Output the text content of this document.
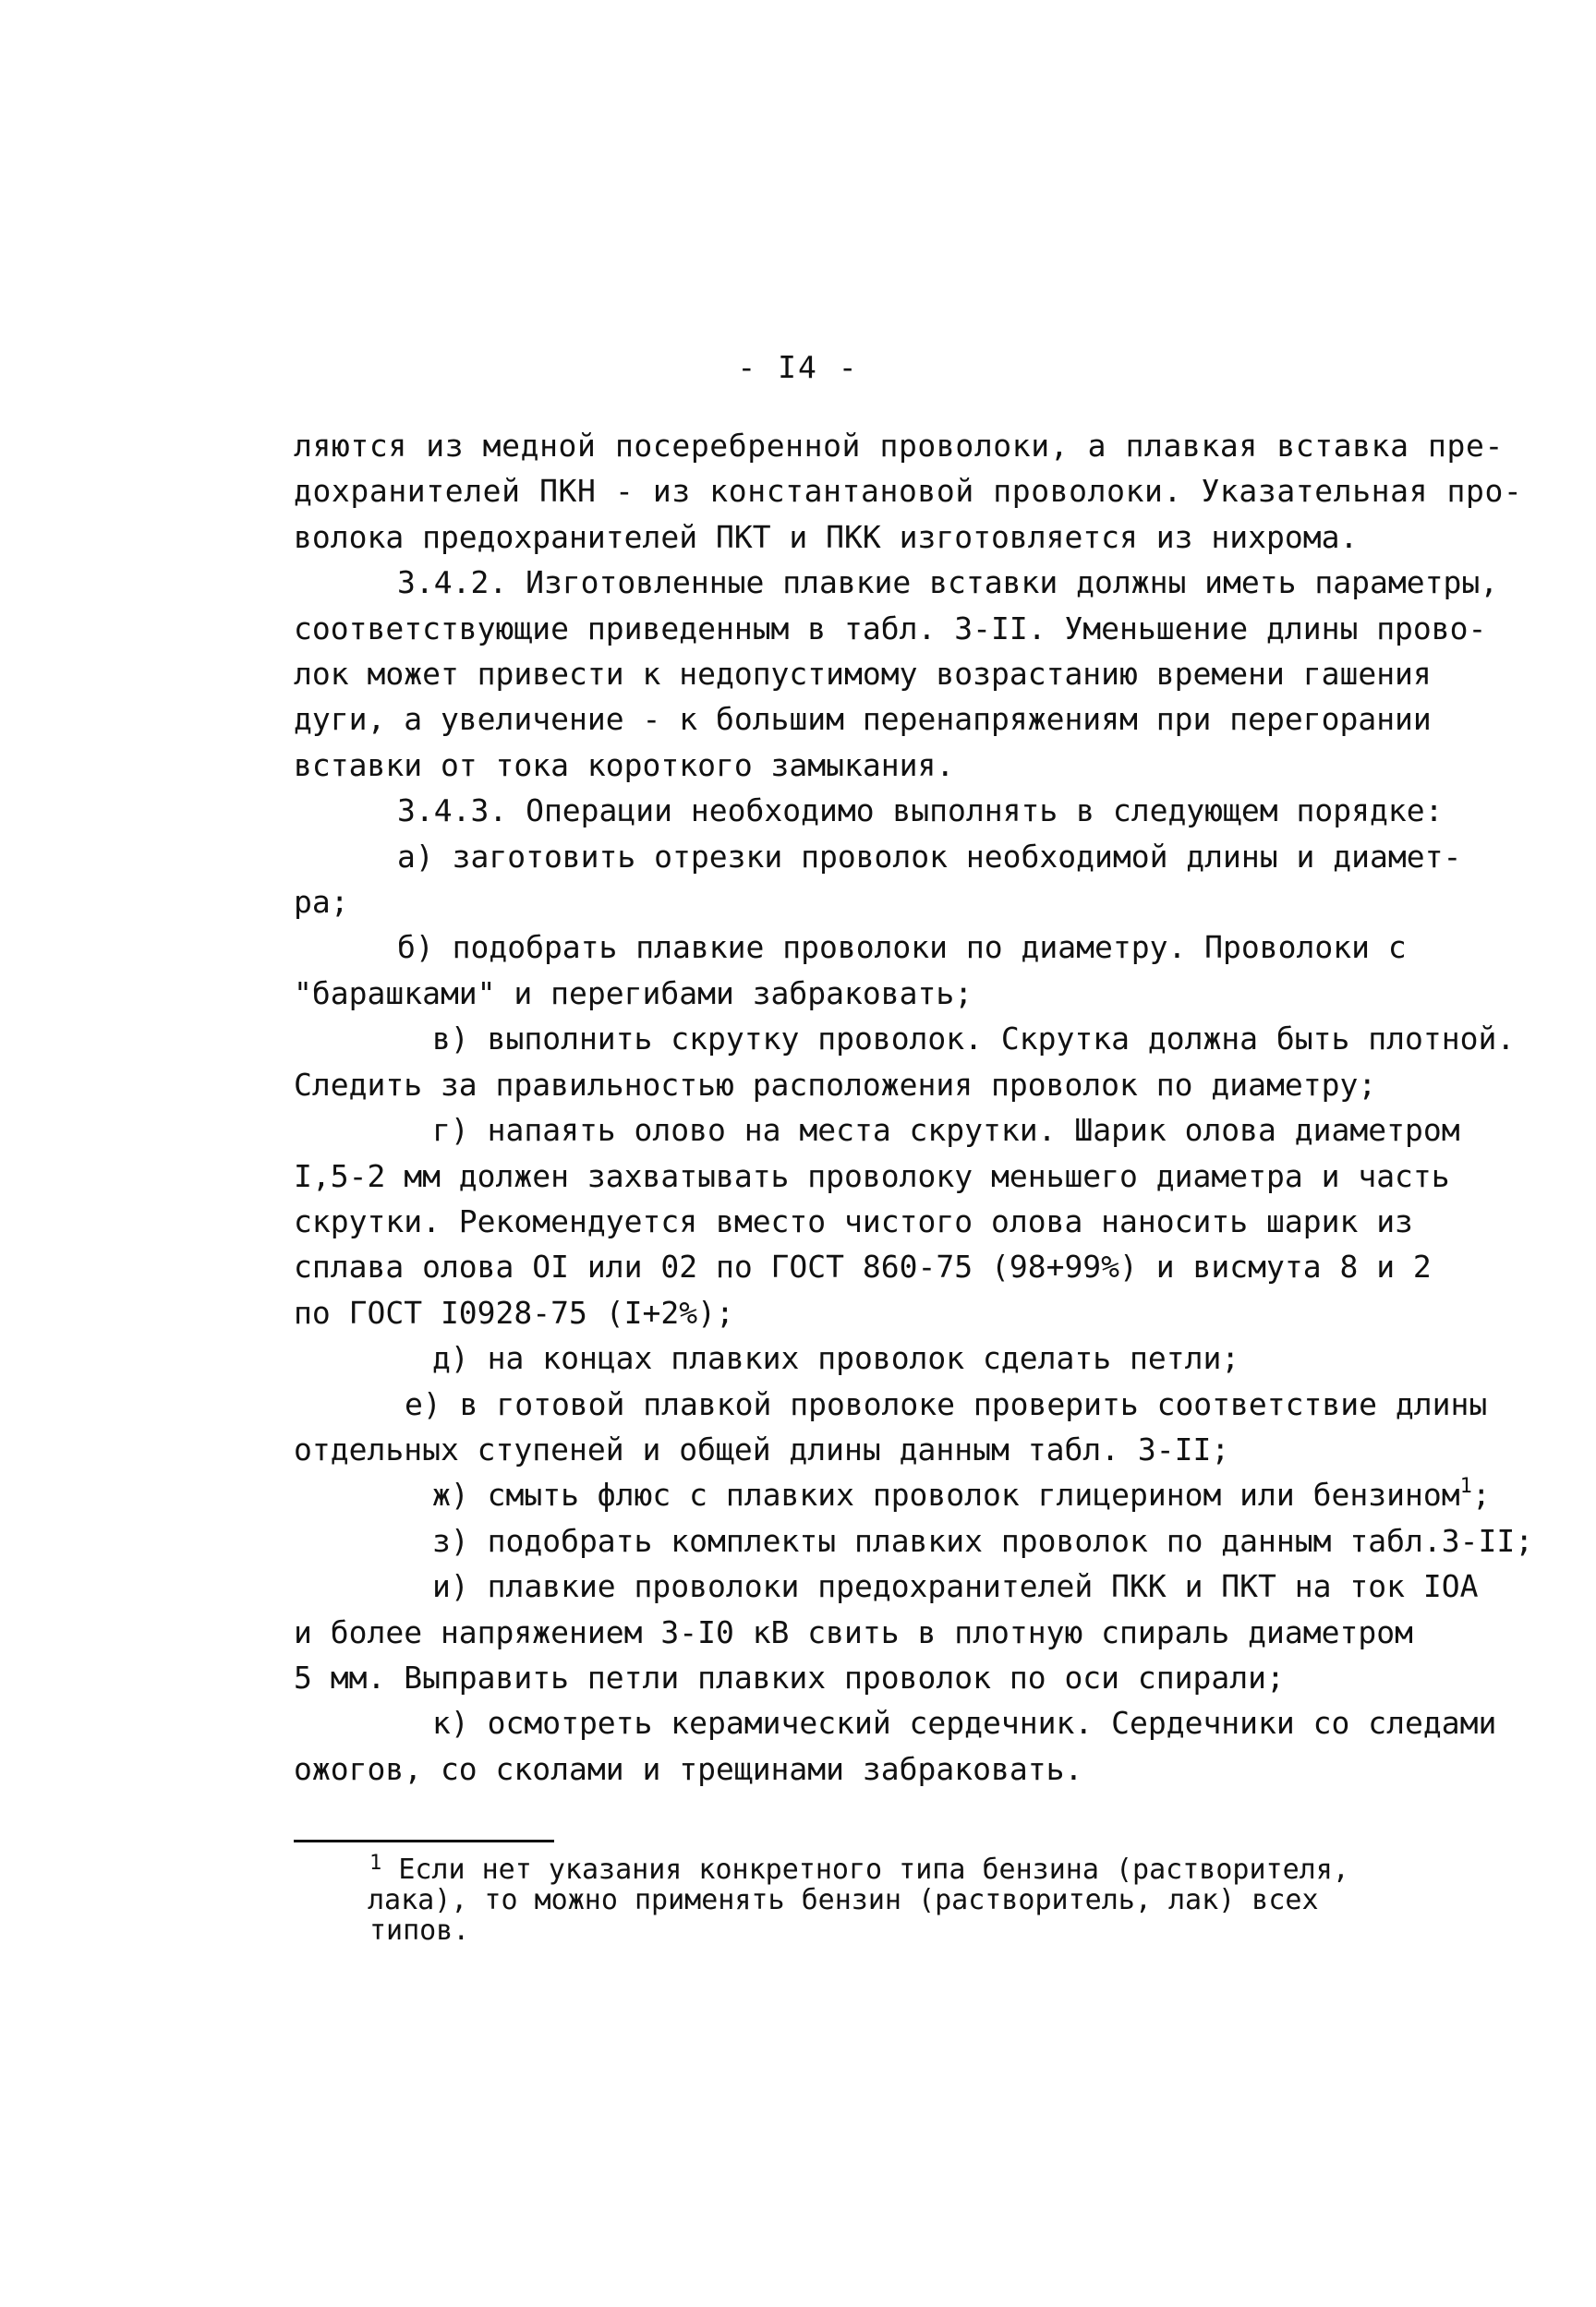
- I4 -
ляются из медной посеребренной проволоки, а плавкая вставка пре-
дохранителей ПКН - из константановой проволоки. Указательная про-
волока предохранителей ПКТ и ПКК изготовляется из нихрома.
3.4.2. Изготовленные плавкие вставки должны иметь параметры,
соответствующие приведенным в табл. 3-II. Уменьшение длины прово-
лок может привести к недопустимому возрастанию времени гашения
дуги, а увеличение - к большим перенапряжениям при перегорании
вставки от тока короткого замыкания.
3.4.3. Операции необходимо выполнять в следующем порядке:
а) заготовить отрезки проволок необходимой длины и диамет-
ра;
б) подобрать плавкие проволоки по диаметру. Проволоки с
"барашками" и перегибами забраковать;
в) выполнить скрутку проволок. Скрутка должна быть плотной.
Следить за правильностью расположения проволок по диаметру;
г) напаять олово на места скрутки. Шарик олова диаметром
I,5-2 мм должен захватывать проволоку меньшего диаметра и часть
скрутки. Рекомендуется вместо чистого олова наносить шарик из
сплава олова OI или 02 по ГОСТ 860-75 (98+99%) и висмута 8 и 2
по ГОСТ I0928-75 (I+2%);
д) на концах плавких проволок сделать петли;
е) в готовой плавкой проволоке проверить соответствие длины
отдельных ступеней и общей длины данным табл. 3-II;
ж) смыть флюс с плавких проволок глицерином или бензином$^1$;
з) подобрать комплекты плавких проволок по данным табл.3-II;
и) плавкие проволоки предохранителей ПКК и ПКТ на ток IOA
и более напряжением 3-I0 кВ свить в плотную спираль диаметром
5 мм. Выправить петли плавких проволок по оси спирали;
к) осмотреть керамический сердечник. Сердечники со следами
ожогов, со сколами и трещинами забраковать.
$^1$ Если нет указания конкретного типа бензина (растворителя,
лака), то можно применять бензин (растворитель, лак) всех
типов.
